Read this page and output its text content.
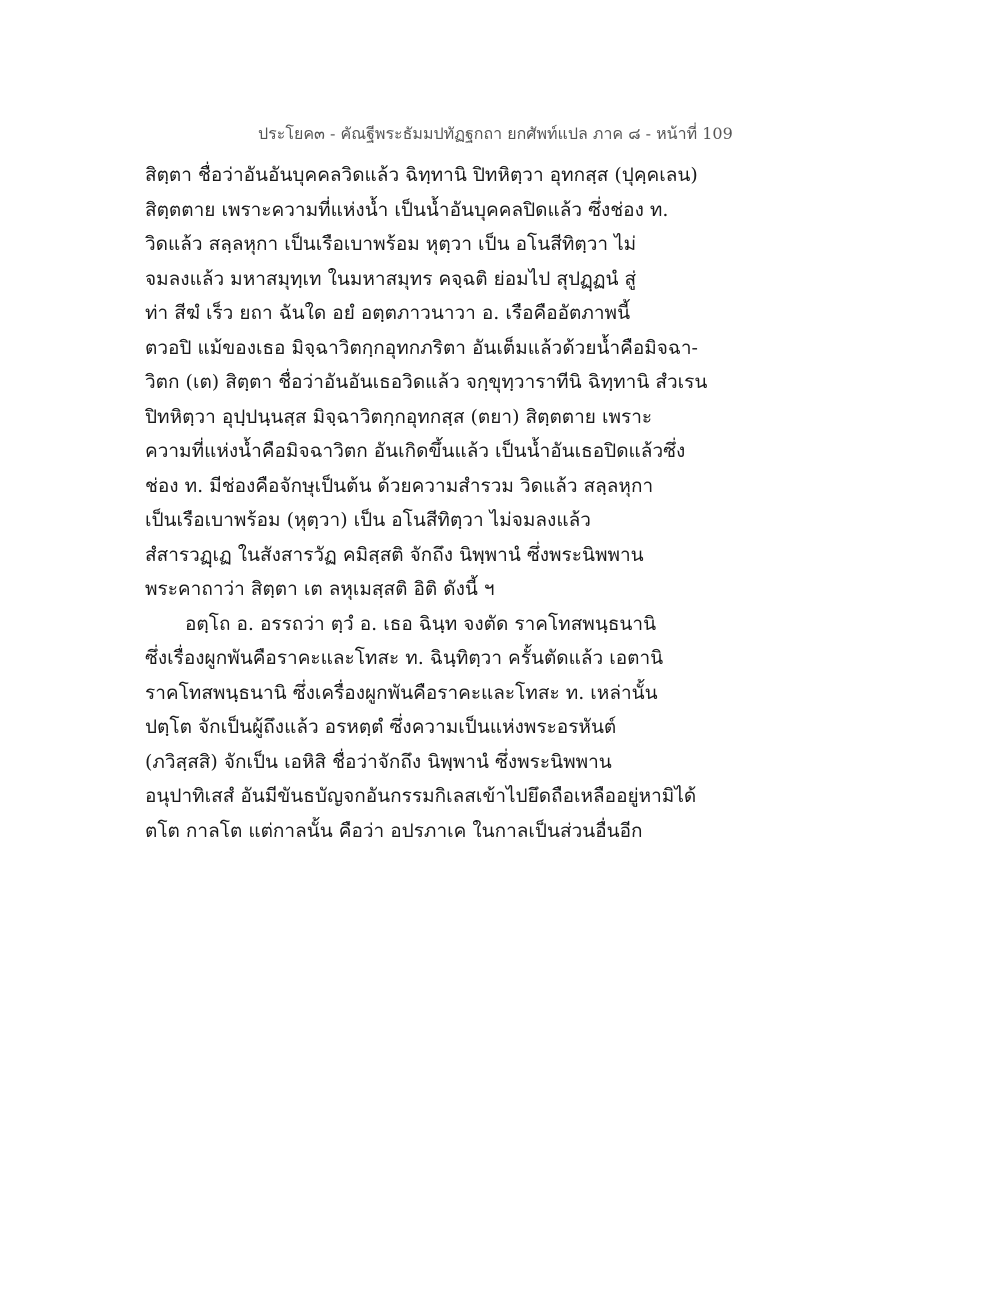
ประโยค๓ - คัณฐีพระธัมมปทัฏฐกถา ยกศัพท์แปล ภาค ๘ - หน้าที่ 109
สิตฺตา ชื่อว่าอันอันบุคคลวิดแล้ว ฉิทฺทานิ ปิทหิตฺวา อุทกสฺส (ปุคฺคเลน)
สิตฺตตาย เพราะความที่แห่งน้ำ เป็นน้ำอันบุคคลปิดแล้ว ซึ่งช่อง ท.
วิดแล้ว สลฺลหุกา เป็นเรือเบาพร้อม หุตฺวา เป็น อโนสีทิตฺวา ไม่
จมลงแล้ว มหาสมุทฺเท ในมหาสมุทร คจฺฉติ ย่อมไป สุปฏฺฏนํ สู่
ท่า สีฆํ เร็ว ยถา ฉันใด อยํ อตฺตภาวนาวา อ. เรือคืออัตภาพนี้
ตวอปิ แม้ของเธอ มิจฺฉาวิตกฺกอุทกภริตา อันเต็มแล้วด้วยน้ำคือมิจฉา-
วิตก (เต) สิตฺตา ชื่อว่าอันอันเธอวิดแล้ว จกฺขุทฺวาราทีนิ ฉิทฺทานิ สํวเรน
ปิทหิตฺวา อุปฺปนฺนสฺส มิจฺฉาวิตกฺกอุทกสฺส (ตยา) สิตฺตตาย เพราะ
ความที่แห่งน้ำคือมิจฉาวิตก อันเกิดขึ้นแล้ว เป็นน้ำอันเธอปิดแล้วซึ่ง
ช่อง ท. มีช่องคือจักษุเป็นต้น ด้วยความสำรวม วิดแล้ว สลฺลหุกา
เป็นเรือเบาพร้อม (หุตฺวา) เป็น อโนสีทิตฺวา ไม่จมลงแล้ว
สํสารวฏฺเฏ ในสังสารวัฏ คมิสฺสติ จักถึง นิพฺพานํ ซึ่งพระนิพพาน
พระคาถาว่า สิตฺตา เต ลหุเมสฺสติ อิติ ดังนี้ ฯ
อตฺโถ อ. อรรถว่า ตฺวํ อ. เธอ ฉินฺท จงตัด ราคโทสพนฺธนานิ
ซึ่งเรื่องผูกพันคือราคะและโทสะ ท. ฉินฺทิตฺวา ครั้นตัดแล้ว เอตานิ
ราคโทสพนฺธนานิ ซึ่งเครื่องผูกพันคือราคะและโทสะ ท. เหล่านั้น
ปตฺโต จักเป็นผู้ถึงแล้ว อรหตฺตํ ซึ่งความเป็นแห่งพระอรหันต์
(ภวิสฺสสิ) จักเป็น เอหิสิ ชื่อว่าจักถึง นิพฺพานํ ซึ่งพระนิพพาน
อนุปาทิเสสํ อันมีขันธบัญจกอันกรรมกิเลสเข้าไปยึดถือเหลืออยู่หามิได้
ตโต กาลโต แต่กาลนั้น คือว่า อปรภาเค ในกาลเป็นส่วนอื่นอีก
